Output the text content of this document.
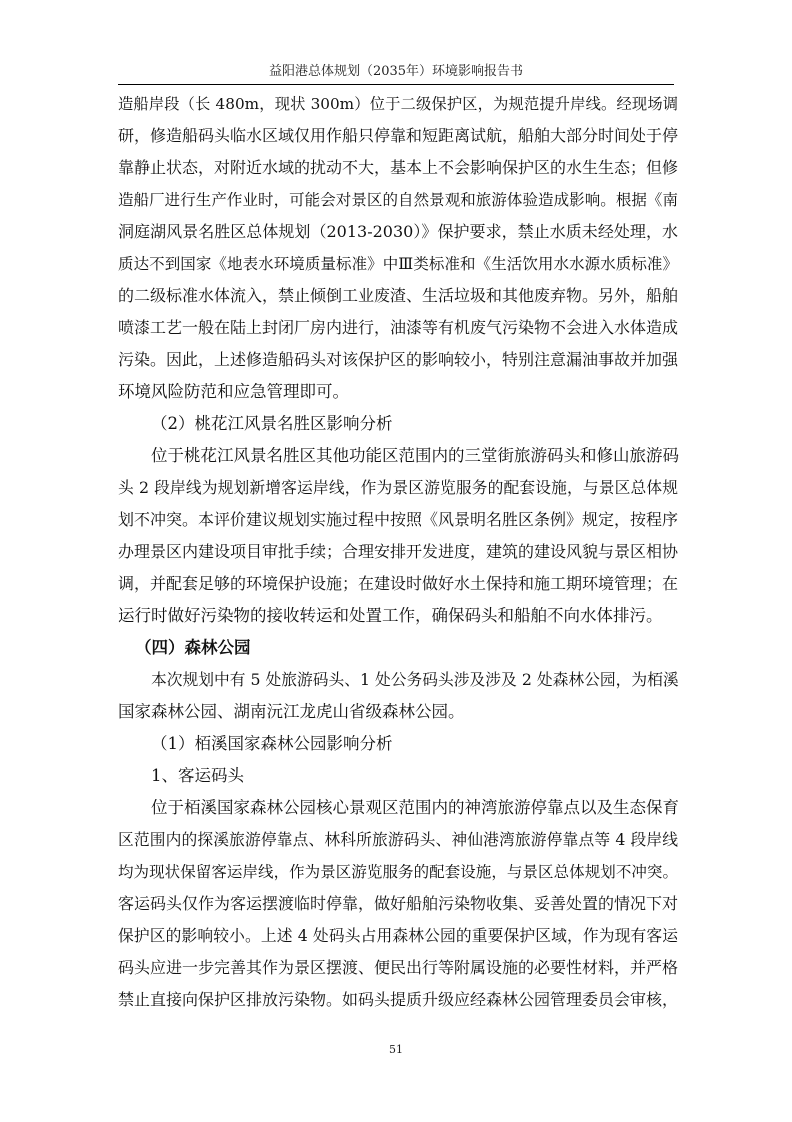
益阳港总体规划（2035年）环境影响报告书
造船岸段（长 480m，现状 300m）位于二级保护区，为规范提升岸线。经现场调
研，修造船码头临水区域仅用作船只停靠和短距离试航，船舶大部分时间处于停
靠静止状态，对附近水域的扰动不大，基本上不会影响保护区的水生生态；但修
造船厂进行生产作业时，可能会对景区的自然景观和旅游体验造成影响。根据《南
洞庭湖风景名胜区总体规划（2013-2030）》保护要求，禁止水质未经处理，水
质达不到国家《地表水环境质量标准》中Ⅲ类标准和《生活饮用水水源水质标准》
的二级标准水体流入，禁止倾倒工业废渣、生活垃圾和其他废弃物。另外，船舶
喷漆工艺一般在陆上封闭厂房内进行，油漆等有机废气污染物不会进入水体造成
污染。因此，上述修造船码头对该保护区的影响较小，特别注意漏油事故并加强
环境风险防范和应急管理即可。
（2）桃花江风景名胜区影响分析
位于桃花江风景名胜区其他功能区范围内的三堂街旅游码头和修山旅游码
头 2 段岸线为规划新增客运岸线，作为景区游览服务的配套设施，与景区总体规
划不冲突。本评价建议规划实施过程中按照《风景明名胜区条例》规定，按程序
办理景区内建设项目审批手续；合理安排开发进度，建筑的建设风貌与景区相协
调，并配套足够的环境保护设施；在建设时做好水土保持和施工期环境管理；在
运行时做好污染物的接收转运和处置工作，确保码头和船舶不向水体排污。
（四）森林公园
本次规划中有 5 处旅游码头、1 处公务码头涉及涉及 2 处森林公园，为栢溪
国家森林公园、湖南沅江龙虎山省级森林公园。
（1）栢溪国家森林公园影响分析
1、客运码头
位于栢溪国家森林公园核心景观区范围内的神湾旅游停靠点以及生态保育
区范围内的探溪旅游停靠点、林科所旅游码头、神仙港湾旅游停靠点等 4 段岸线
均为现状保留客运岸线，作为景区游览服务的配套设施，与景区总体规划不冲突。
客运码头仅作为客运摆渡临时停靠，做好船舶污染物收集、妥善处置的情况下对
保护区的影响较小。上述 4 处码头占用森林公园的重要保护区域，作为现有客运
码头应进一步完善其作为景区摆渡、便民出行等附属设施的必要性材料，并严格
禁止直接向保护区排放污染物。如码头提质升级应经森林公园管理委员会审核，
51
